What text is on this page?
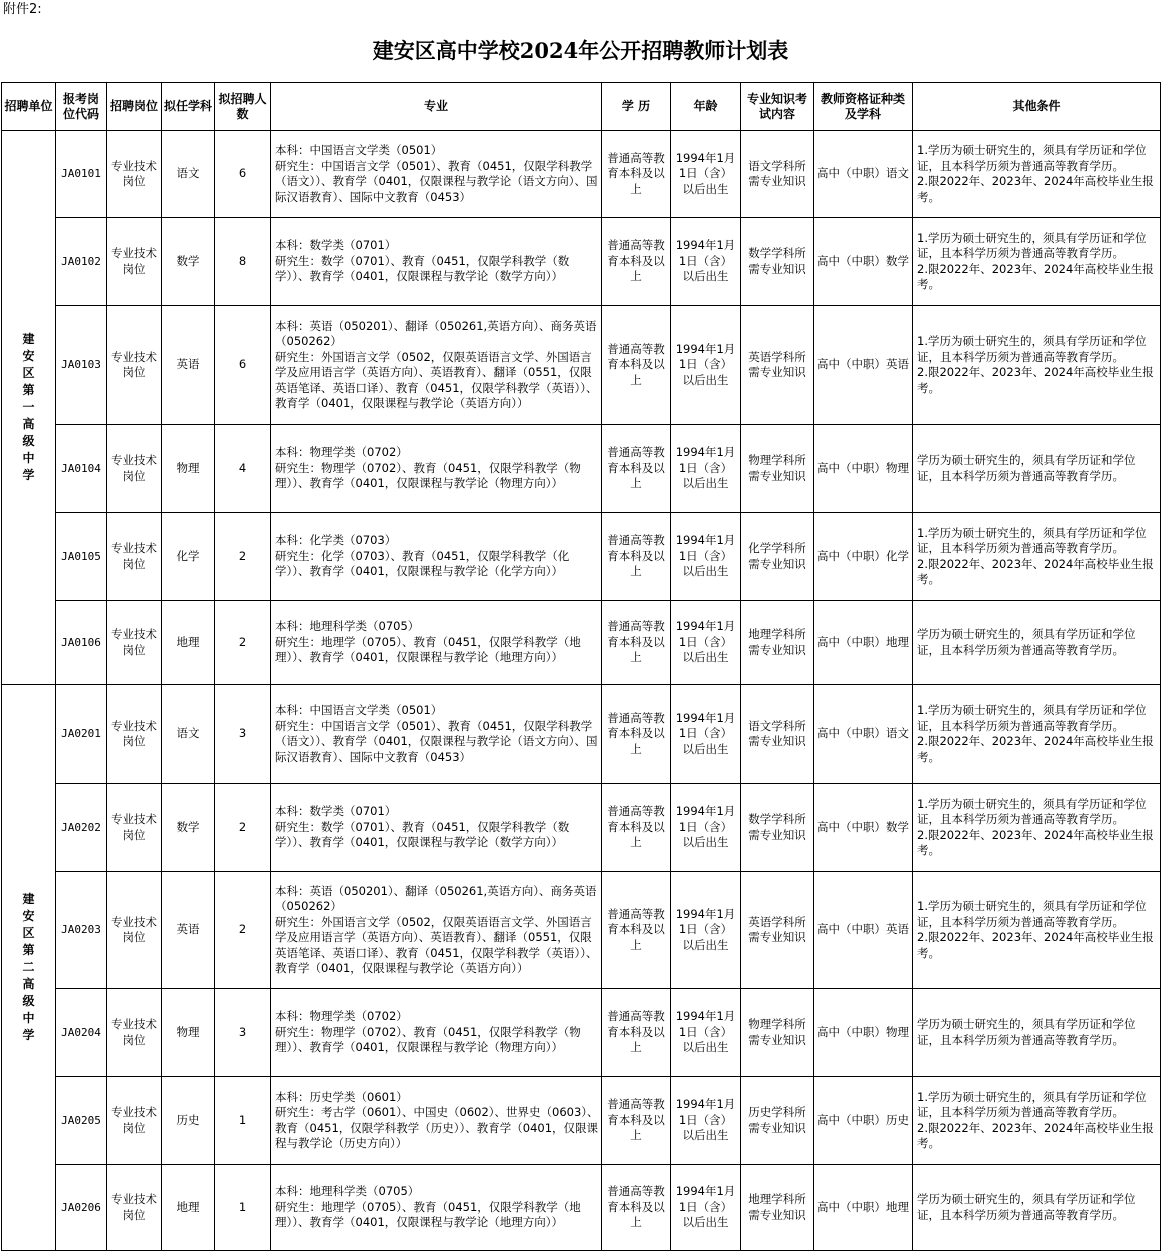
附件2:
建安区高中学校2024年公开招聘教师计划表
招聘单位	报考岗位代码	招聘岗位	拟任学科	拟招聘人数	专业	学 历	年龄	专业知识考试内容	教师资格证种类及学科	其他条件
建安区第一高级中学	JA0101	专业技术岗位	语文	6	本科：中国语言文学类（0501）
研究生：中国语言文学（0501）、教育（0451，仅限学科教学（语文））、教育学（0401，仅限课程与教学论（语文方向）、国际汉语教育）、国际中文教育（0453）	普通高等教育本科及以上	1994年1月1日（含）以后出生	语文学科所需专业知识	高中（中职）语文	1.学历为硕士研究生的，须具有学历证和学位证，且本科学历须为普通高等教育学历。
2.限2022年、2023年、2024年高校毕业生报考。

	JA0102	专业技术岗位	数学	8	本科：数学类（0701）
研究生：数学（0701）、教育（0451，仅限学科教学（数学））、教育学（0401，仅限课程与教学论（数学方向））	普通高等教育本科及以上	1994年1月1日（含）以后出生	数学学科所需专业知识	高中（中职）数学	1.学历为硕士研究生的，须具有学历证和学位证，且本科学历须为普通高等教育学历。
2.限2022年、2023年、2024年高校毕业生报考。

	JA0103	专业技术岗位	英语	6	本科：英语（050201）、翻译（050261,英语方向）、商务英语（050262）
研究生：外国语言文学（0502，仅限英语语言文学、外国语言学及应用语言学（英语方向）、英语教育）、翻译（0551，仅限英语笔译、英语口译）、教育（0451，仅限学科教学（英语））、教育学（0401，仅限课程与教学论（英语方向））	普通高等教育本科及以上	1994年1月1日（含）以后出生	英语学科所需专业知识	高中（中职）英语	1.学历为硕士研究生的，须具有学历证和学位证，且本科学历须为普通高等教育学历。
2.限2022年、2023年、2024年高校毕业生报考。

	JA0104	专业技术岗位	物理	4	本科：物理学类（0702）
研究生：物理学（0702）、教育（0451，仅限学科教学（物理））、教育学（0401，仅限课程与教学论（物理方向））	普通高等教育本科及以上	1994年1月1日（含）以后出生	物理学科所需专业知识	高中（中职）物理	学历为硕士研究生的，须具有学历证和学位证，且本科学历须为普通高等教育学历。

	JA0105	专业技术岗位	化学	2	本科：化学类（0703）
研究生：化学（0703）、教育（0451，仅限学科教学（化学））、教育学（0401，仅限课程与教学论（化学方向））	普通高等教育本科及以上	1994年1月1日（含）以后出生	化学学科所需专业知识	高中（中职）化学	1.学历为硕士研究生的，须具有学历证和学位证，且本科学历须为普通高等教育学历。
2.限2022年、2023年、2024年高校毕业生报考。

	JA0106	专业技术岗位	地理	2	本科：地理科学类（0705）
研究生：地理学（0705）、教育（0451，仅限学科教学（地理））、教育学（0401，仅限课程与教学论（地理方向））	普通高等教育本科及以上	1994年1月1日（含）以后出生	地理学科所需专业知识	高中（中职）地理	学历为硕士研究生的，须具有学历证和学位证，且本科学历须为普通高等教育学历。

建安区第二高级中学	JA0201	专业技术岗位	语文	3	本科：中国语言文学类（0501）
研究生：中国语言文学（0501）、教育（0451，仅限学科教学（语文））、教育学（0401，仅限课程与教学论（语文方向）、国际汉语教育）、国际中文教育（0453）	普通高等教育本科及以上	1994年1月1日（含）以后出生	语文学科所需专业知识	高中（中职）语文	1.学历为硕士研究生的，须具有学历证和学位证，且本科学历须为普通高等教育学历。
2.限2022年、2023年、2024年高校毕业生报考。

	JA0202	专业技术岗位	数学	2	本科：数学类（0701）
研究生：数学（0701）、教育（0451，仅限学科教学（数学））、教育学（0401，仅限课程与教学论（数学方向））	普通高等教育本科及以上	1994年1月1日（含）以后出生	数学学科所需专业知识	高中（中职）数学	1.学历为硕士研究生的，须具有学历证和学位证，且本科学历须为普通高等教育学历。
2.限2022年、2023年、2024年高校毕业生报考。

	JA0203	专业技术岗位	英语	2	本科：英语（050201）、翻译（050261,英语方向）、商务英语（050262）
研究生：外国语言文学（0502，仅限英语语言文学、外国语言学及应用语言学（英语方向）、英语教育）、翻译（0551，仅限英语笔译、英语口译）、教育（0451，仅限学科教学（英语））、教育学（0401，仅限课程与教学论（英语方向））	普通高等教育本科及以上	1994年1月1日（含）以后出生	英语学科所需专业知识	高中（中职）英语	1.学历为硕士研究生的，须具有学历证和学位证，且本科学历须为普通高等教育学历。
2.限2022年、2023年、2024年高校毕业生报考。

	JA0204	专业技术岗位	物理	3	本科：物理学类（0702）
研究生：物理学（0702）、教育（0451，仅限学科教学（物理））、教育学（0401，仅限课程与教学论（物理方向））	普通高等教育本科及以上	1994年1月1日（含）以后出生	物理学科所需专业知识	高中（中职）物理	学历为硕士研究生的，须具有学历证和学位证，且本科学历须为普通高等教育学历。

	JA0205	专业技术岗位	历史	1	本科：历史学类（0601）
研究生：考古学（0601）、中国史（0602）、世界史（0603）、教育（0451，仅限学科教学（历史））、教育学（0401，仅限课程与教学论（历史方向））	普通高等教育本科及以上	1994年1月1日（含）以后出生	历史学科所需专业知识	高中（中职）历史	1.学历为硕士研究生的，须具有学历证和学位证，且本科学历须为普通高等教育学历。
2.限2022年、2023年、2024年高校毕业生报考。

	JA0206	专业技术岗位	地理	1	本科：地理科学类（0705）
研究生：地理学（0705）、教育（0451，仅限学科教学（地理））、教育学（0401，仅限课程与教学论（地理方向））	普通高等教育本科及以上	1994年1月1日（含）以后出生	地理学科所需专业知识	高中（中职）地理	学历为硕士研究生的，须具有学历证和学位证，且本科学历须为普通高等教育学历。
